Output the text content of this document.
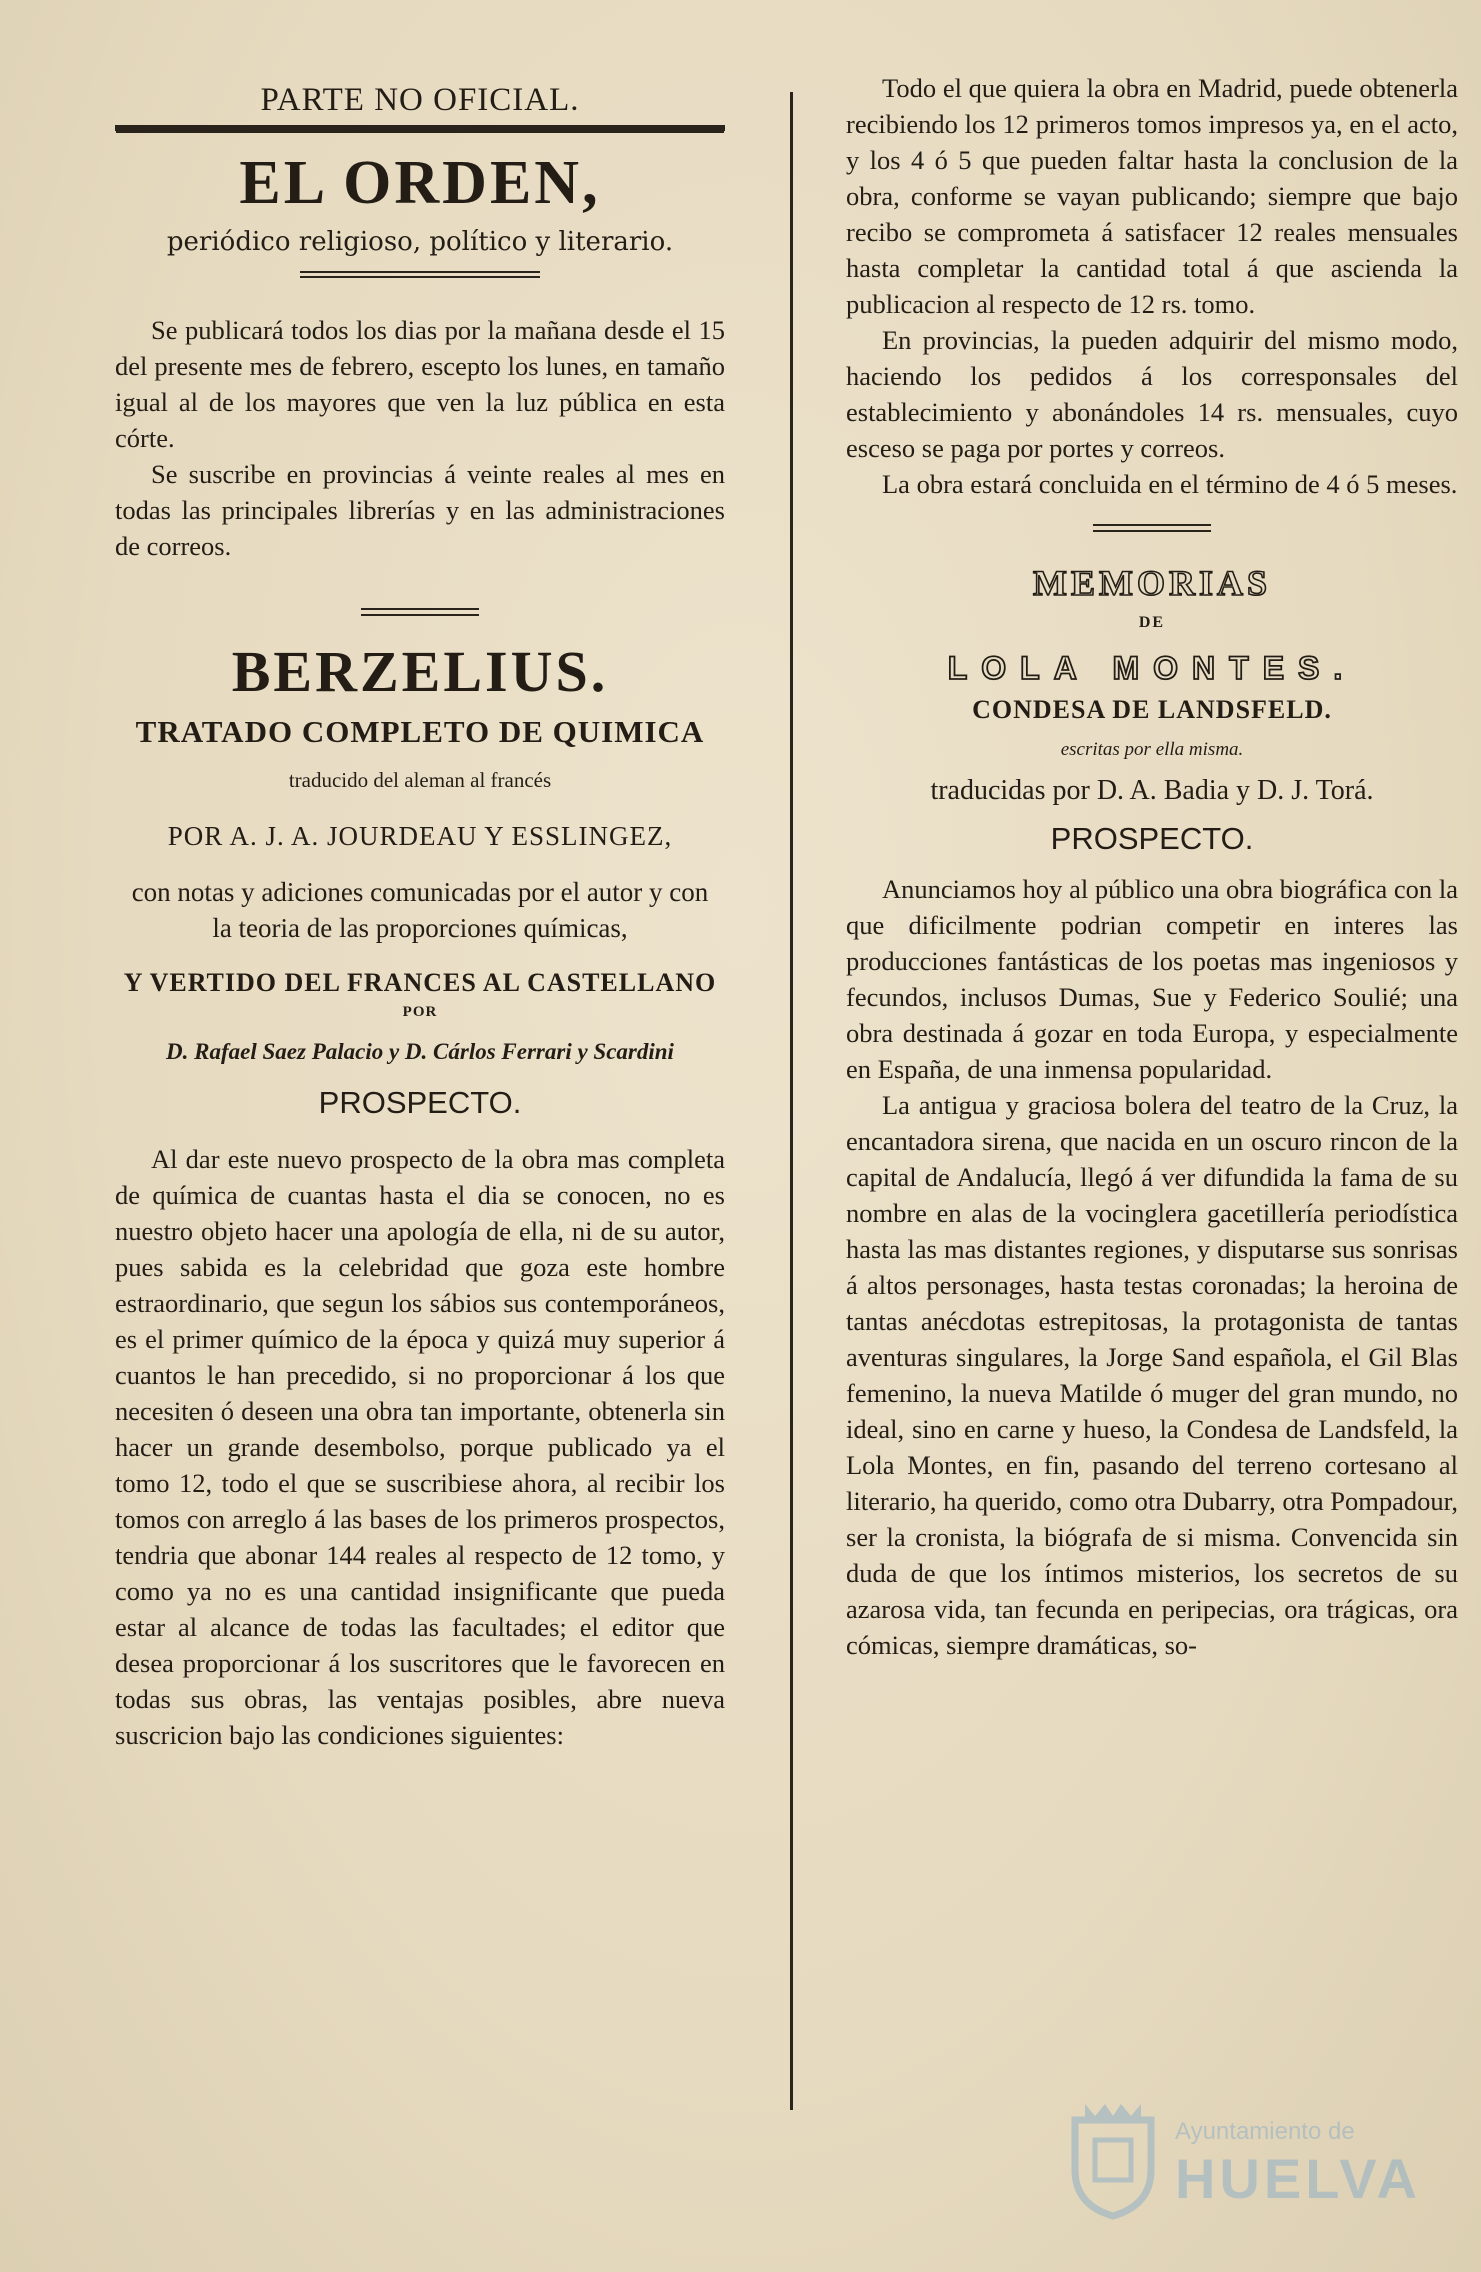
PARTE NO OFICIAL.
EL ORDEN,
periódico religioso, político y literario.

Se publicará todos los dias por la mañana desde el 15 del presente mes de febrero, escepto los lunes, en tamaño igual al de los mayores que ven la luz pública en esta córte.

Se suscribe en provincias á veinte reales al mes en todas las principales librerías y en las administraciones de correos.

BERZELIUS.
TRATADO COMPLETO DE QUIMICA
traducido del aleman al francés
POR A. J. A. JOURDEAU Y ESSLINGEZ,
con notas y adiciones comunicadas por el autor y con la teoria de las proporciones químicas,
Y VERTIDO DEL FRANCES AL CASTELLANO
POR
D. Rafael Saez Palacio y D. Cárlos Ferrari y Scardini
PROSPECTO.

Al dar este nuevo prospecto de la obra mas completa de química de cuantas hasta el dia se conocen, no es nuestro objeto hacer una apología de ella, ni de su autor, pues sabida es la celebridad que goza este hombre estraordinario, que segun los sábios sus contemporáneos, es el primer químico de la época y quizá muy superior á cuantos le han precedido, si no proporcionar á los que necesiten ó deseen una obra tan importante, obtenerla sin hacer un grande desembolso, porque publicado ya el tomo 12, todo el que se suscribiese ahora, al recibir los tomos con arreglo á las bases de los primeros prospectos, tendria que abonar 144 reales al respecto de 12 tomo, y como ya no es una cantidad insignificante que pueda estar al alcance de todas las facultades; el editor que desea proporcionar á los suscritores que le favorecen en todas sus obras, las ventajas posibles, abre nueva suscricion bajo las condiciones siguientes:

Todo el que quiera la obra en Madrid, puede obtenerla recibiendo los 12 primeros tomos impresos ya, en el acto, y los 4 ó 5 que pueden faltar hasta la conclusion de la obra, conforme se vayan publicando; siempre que bajo recibo se comprometa á satisfacer 12 reales mensuales hasta completar la cantidad total á que ascienda la publicacion al respecto de 12 rs. tomo.

En provincias, la pueden adquirir del mismo modo, haciendo los pedidos á los corresponsales del establecimiento y abonándoles 14 rs. mensuales, cuyo esceso se paga por portes y correos.

La obra estará concluida en el término de 4 ó 5 meses.

MEMORIAS
DE
LOLA MONTES.
CONDESA DE LANDSFELD.
escritas por ella misma.
traducidas por D. A. Badia y D. J. Torá.
PROSPECTO.

Anunciamos hoy al público una obra biográfica con la que dificilmente podrian competir en interes las producciones fantásticas de los poetas mas ingeniosos y fecundos, inclusos Dumas, Sue y Federico Soulié; una obra destinada á gozar en toda Europa, y especialmente en España, de una inmensa popularidad.

La antigua y graciosa bolera del teatro de la Cruz, la encantadora sirena, que nacida en un oscuro rincon de la capital de Andalucía, llegó á ver difundida la fama de su nombre en alas de la vocinglera gacetillería periodística hasta las mas distantes regiones, y disputarse sus sonrisas á altos personages, hasta testas coronadas; la heroina de tantas anécdotas estrepitosas, la protagonista de tantas aventuras singulares, la Jorge Sand española, el Gil Blas femenino, la nueva Matilde ó muger del gran mundo, no ideal, sino en carne y hueso, la Condesa de Landsfeld, la Lola Montes, en fin, pasando del terreno cortesano al literario, ha querido, como otra Dubarry, otra Pompadour, ser la cronista, la biógrafa de si misma. Convencida sin duda de que los íntimos misterios, los secretos de su azarosa vida, tan fecunda en peripecias, ora trágicas, ora cómicas, siempre dramáticas, so-

Ayuntamiento de
HUELVA
